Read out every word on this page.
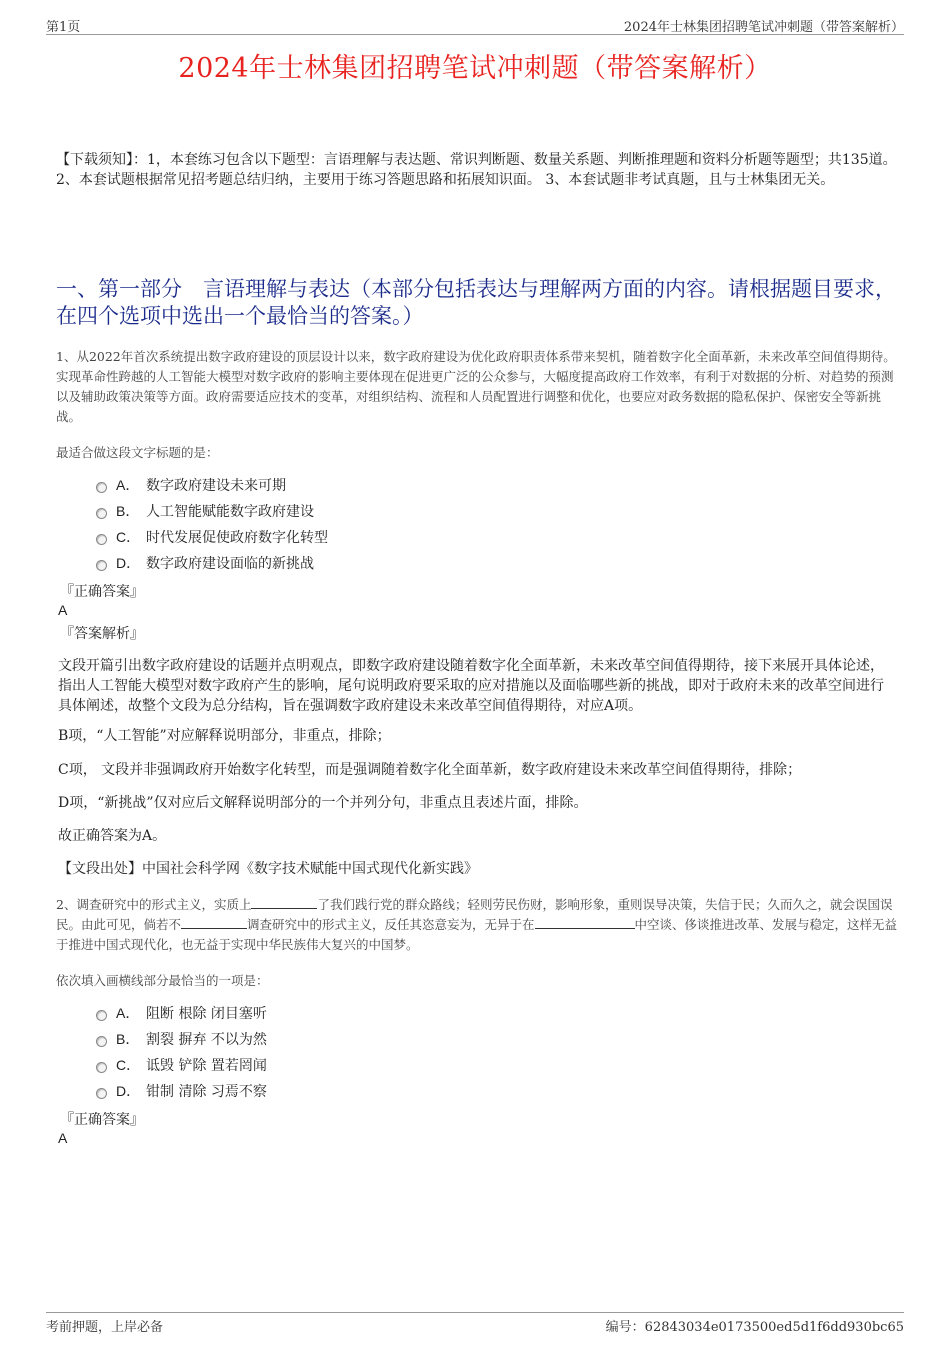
第1页	2024年士林集团招聘笔试冲刺题（带答案解析）
2024年士林集团招聘笔试冲刺题（带答案解析）
【下载须知】：1，本套练习包含以下题型：言语理解与表达题、常识判断题、数量关系题、判断推理题和资料分析题等题型；共135道。 2、本套试题根据常见招考题总结归纳，主要用于练习答题思路和拓展知识面。 3、本套试题非考试真题，且与士林集团无关。
一、第一部分　言语理解与表达（本部分包括表达与理解两方面的内容。请根据题目要求，在四个选项中选出一个最恰当的答案。）
1、从2022年首次系统提出数字政府建设的顶层设计以来，数字政府建设为优化政府职责体系带来契机，随着数字化全面革新，未来改革空间值得期待。实现革命性跨越的人工智能大模型对数字政府的影响主要体现在促进更广泛的公众参与，大幅度提高政府工作效率，有利于对数据的分析、对趋势的预测以及辅助政策决策等方面。政府需要适应技术的变革，对组织结构、流程和人员配置进行调整和优化，也要应对政务数据的隐私保护、保密安全等新挑战。
最适合做这段文字标题的是：
A． 数字政府建设未来可期
B． 人工智能赋能数字政府建设
C． 时代发展促使政府数字化转型
D． 数字政府建设面临的新挑战
『正确答案』
A
『答案解析』
文段开篇引出数字政府建设的话题并点明观点，即数字政府建设随着数字化全面革新，未来改革空间值得期待，接下来展开具体论述，指出人工智能大模型对数字政府产生的影响，尾句说明政府要采取的应对措施以及面临哪些新的挑战，即对于政府未来的改革空间进行具体阐述，故整个文段为总分结构，旨在强调数字政府建设未来改革空间值得期待，对应A项。
B项，“人工智能”对应解释说明部分，非重点，排除；
C项， 文段并非强调政府开始数字化转型，而是强调随着数字化全面革新，数字政府建设未来改革空间值得期待，排除；
D项，“新挑战”仅对应后文解释说明部分的一个并列分句，非重点且表述片面，排除。
故正确答案为A。
【文段出处】中国社会科学网《数字技术赋能中国式现代化新实践》
2、调查研究中的形式主义，实质上	了我们践行党的群众路线；轻则劳民伤财，影响形象，重则误导决策，失信于民；久而久之，就会误国误民。由此可见，倘若不	调查研究中的形式主义，反任其恣意妄为，无异于在	中空谈、侈谈推进改革、发展与稳定，这样无益于推进中国式现代化，也无益于实现中华民族伟大复兴的中国梦。
依次填入画横线部分最恰当的一项是：
A． 阻断 根除 闭目塞听
B． 割裂 摒弃 不以为然
C． 诋毁 铲除 置若罔闻
D． 钳制 清除 习焉不察
『正确答案』
A
考前押题，上岸必备	编号：62843034e0173500ed5d1f6dd930bc65
